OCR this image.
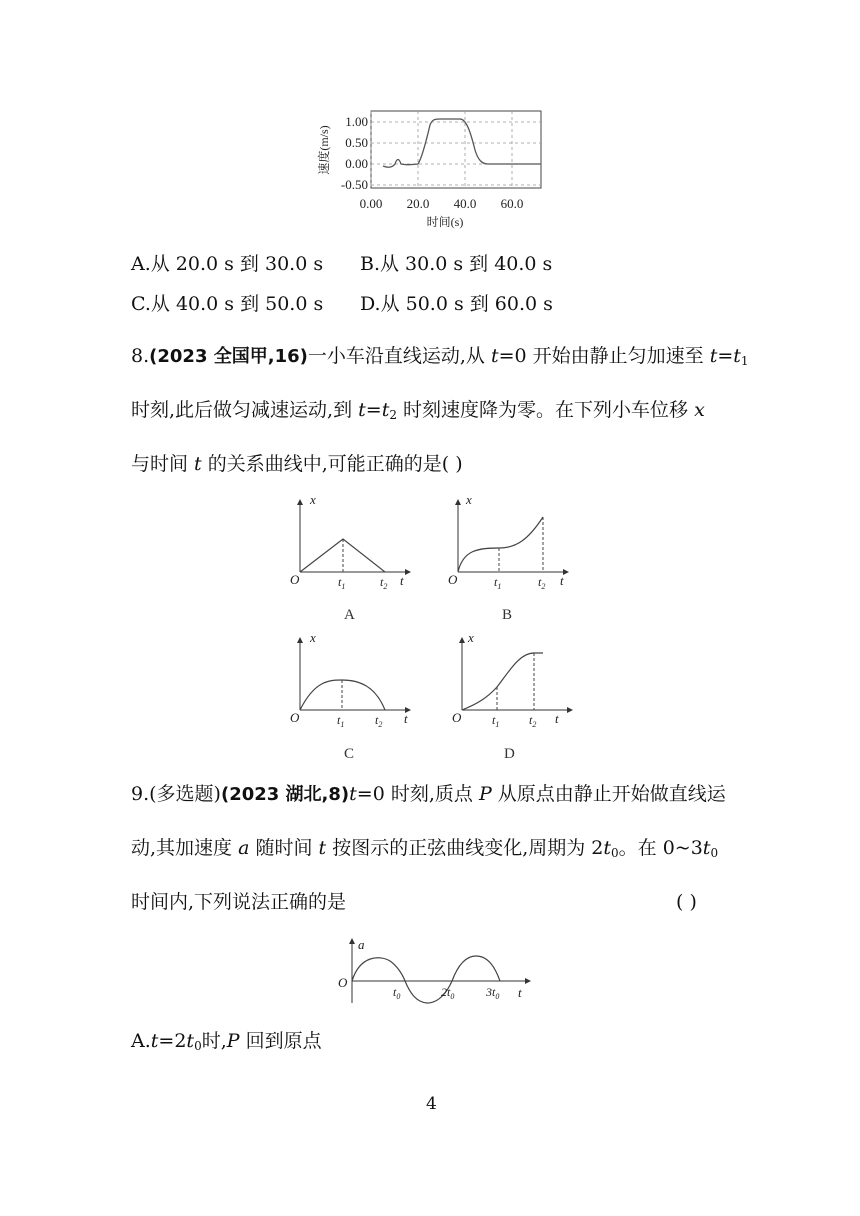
速度(m/s)
1.00
0.50
0.00
-0.50
0.00 20.0 40.0 60.0
时间(s)
A.从 20.0 s 到 30.0 s B.从 30.0 s 到 40.0 s
C.从 40.0 s 到 50.0 s D.从 50.0 s 到 60.0 s
8.(2023 全国甲,16)一小车沿直线运动,从 t=0 开始由静止匀加速至 $t=t_1$
时刻,此后做匀减速运动,到 $t=t_2$ 时刻速度降为零。在下列小车位移 x
与时间 t 的关系曲线中,可能正确的是( )
x
O	t
$t_1$	$t_2$
A
x
O	t
$t_1$	$t_2$
B
x
O	t
$t_1$	$t_2$
C
x
O	t
$t_1$ $t_2$
D
9.(多选题)(2023 湖北,8)t=0 时刻,质点 P 从原点由静止开始做直线运
动,其加速度 a 随时间 t 按图示的正弦曲线变化,周期为 $2t_0$。在 $0\sim 3t_0$
时间内,下列说法正确的是	( )
a
O
t
$t_0$	$2t_0$	$3t_0$
$A.t=2t_0$时,P 回到原点
4
